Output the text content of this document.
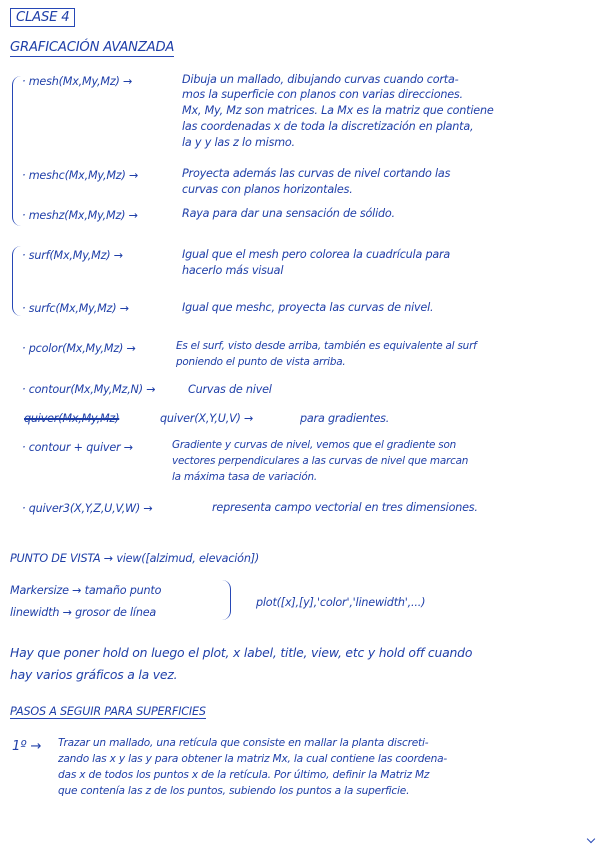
CLASE 4
GRAFICACIÓN AVANZADA
· mesh(Mx,My,Mz) →	Dibuja un mallado, dibujando curvas cuando corta-
mos la superficie con planos con varias direcciones.
Mx, My, Mz son matrices. La Mx es la matriz que contiene
las coordenadas x de toda la discretización en planta,
la y y las z lo mismo.
· meshc(Mx,My,Mz) →	Proyecta además las curvas de nivel cortando las
curvas con planos horizontales.
· meshz(Mx,My,Mz) →	Raya para dar una sensación de sólido.
· surf(Mx,My,Mz) →	Igual que el mesh pero colorea la cuadrícula para
hacerlo más visual
· surfc(Mx,My,Mz) →	Igual que meshc, proyecta las curvas de nivel.
· pcolor(Mx,My,Mz) →	Es el surf, visto desde arriba, también es equivalente al surf
poniendo el punto de vista arriba.
· contour(Mx,My,Mz,N) →	Curvas de nivel
quiver(Mx,My,Mz)	quiver(X,Y,U,V) →	para gradientes.
· contour + quiver →	Gradiente y curvas de nivel, vemos que el gradiente son
vectores perpendiculares a las curvas de nivel que marcan
la máxima tasa de variación.
· quiver3(X,Y,Z,U,V,W) →	representa campo vectorial en tres dimensiones.
PUNTO DE VISTA → view([alzimud, elevación])
Markersize → tamaño punto
linewidth → grosor de línea
plot([x],[y],'color','linewidth',...)
Hay que poner hold on luego el plot, x label, title, view, etc y hold off cuando
hay varios gráficos a la vez.
PASOS A SEGUIR PARA SUPERFICIES
1º → Trazar un mallado, una retícula que consiste en mallar la planta discreti-
zando las x y las y para obtener la matriz Mx, la cual contiene las coordena-
das x de todos los puntos x de la retícula. Por último, definir la Matriz Mz
que contenía las z de los puntos, subiendo los puntos a la superficie.
